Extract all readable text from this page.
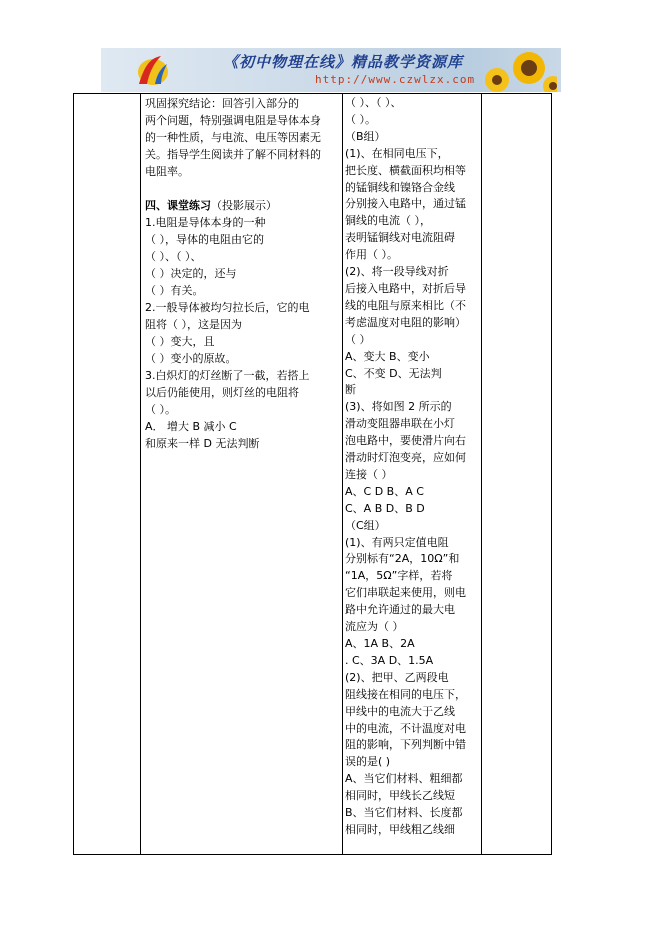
《初中物理在线》精品教学资源库
http://www.czwlzx.com

巩固探究结论：回答引入部分的

两个问题，特别强调电阻是导体本身

的一种性质，与电流、电压等因素无

关。指导学生阅读并了解不同材料的

电阻率。

四、课堂练习（投影展示）

1.电阻是导体本身的一种

（ ），导体的电阻由它的

（ ）、（ ）、

（ ）决定的，还与

（ ）有关。

2.一般导体被均匀拉长后，它的电

阻将（ ），这是因为

（ ）变大，且

（ ）变小的原故。

3.白炽灯的灯丝断了一截，若搭上

以后仍能使用，则灯丝的电阻将

（ ）。

A． 增大 B 减小 C

和原来一样 D 无法判断

（ ）、（ ）、

（ ）。

（B组）

(1)、在相同电压下，

把长度、横截面积均相等

的锰铜线和镍铬合金线

分别接入电路中，通过锰

铜线的电流（ ），

表明锰铜线对电流阻碍

作用（ ）。

(2)、将一段导线对折

后接入电路中，对折后导

线的电阻与原来相比（不

考虑温度对电阻的影响）

（ ）

A、变大 B、变小

C、不变 D、无法判

断

(3)、将如图 2 所示的

滑动变阻器串联在小灯

泡电路中，要使滑片向右

滑动时灯泡变亮，应如何

连接（ ）

A、C D B、A C

C、A B D、B D

（C组）

(1)、有两只定值电阻

分别标有“2A，10Ω”和

“1A，5Ω”字样，若将

它们串联起来使用，则电

路中允许通过的最大电

流应为（ ）

A、1A B、2A

. C、3A D、1.5A

(2)、把甲、乙两段电

阻线接在相同的电压下，

甲线中的电流大于乙线

中的电流，不计温度对电

阻的影响，下列判断中错

误的是( )

A、当它们材料、粗细都

相同时，甲线长乙线短

B、当它们材料、长度都

相同时，甲线粗乙线细
